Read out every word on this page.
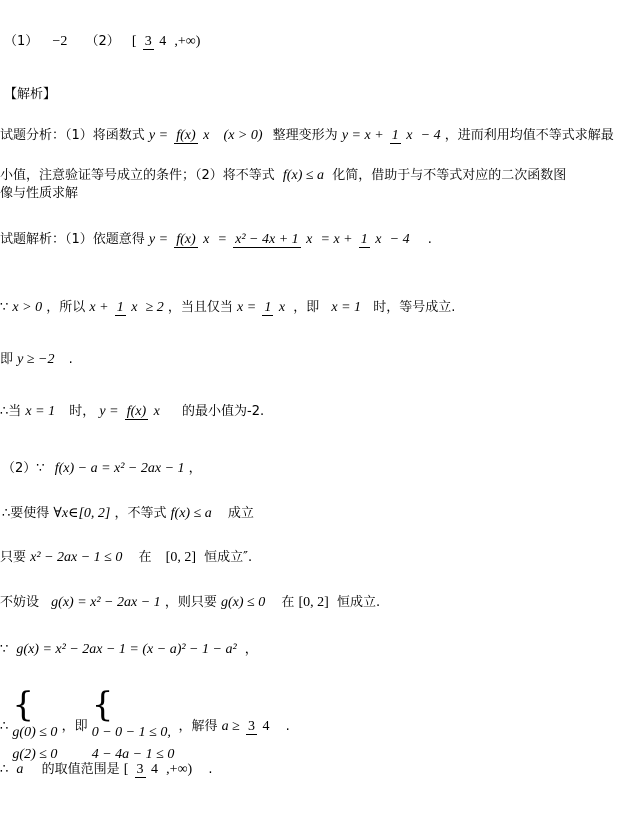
（1） −2 （2） [ 3 4 ,+∞)
【解析】
试题分析：（1）将函数式 y = f(x) x (x > 0) 整理变形为 y = x + 1 x − 4 ，进而利用均值不等式求解最
小值，注意验证等号成立的条件；（2）将不等式 f(x) ≤ a 化简，借助于与不等式对应的二次函数图
像与性质求解
试题解析：（1）依题意得 y = f(x) x = x² − 4x + 1 x = x + 1 x − 4 .
∵ x > 0 ，所以 x + 1 x ≥ 2 ，当且仅当 x = 1 x ，即 x = 1 时，等号成立.
即 y ≥ −2 .
∴当 x = 1 时， y = f(x) x 的最小值为-2.
（2）∵ f(x) − a = x² − 2ax − 1 ，
∴要使得 ∀x∈[0, 2] ，不等式 f(x) ≤ a 成立
只要 x² − 2ax − 1 ≤ 0 在 [0, 2] 恒成立″.
不妨设 g(x) = x² − 2ax − 1 ，则只要 g(x) ≤ 0 在 [0, 2] 恒成立.
∵ g(x) = x² − 2ax − 1 = (x − a)² − 1 − a² ，
∴ {
g(0) ≤ 0
g(2) ≤ 0
，即 {
0 − 0 − 1 ≤ 0,
4 − 4a − 1 ≤ 0
，解得 a ≥ 3 4 .
∴ a 的取值范围是 [ 3 4 ,+∞) .
